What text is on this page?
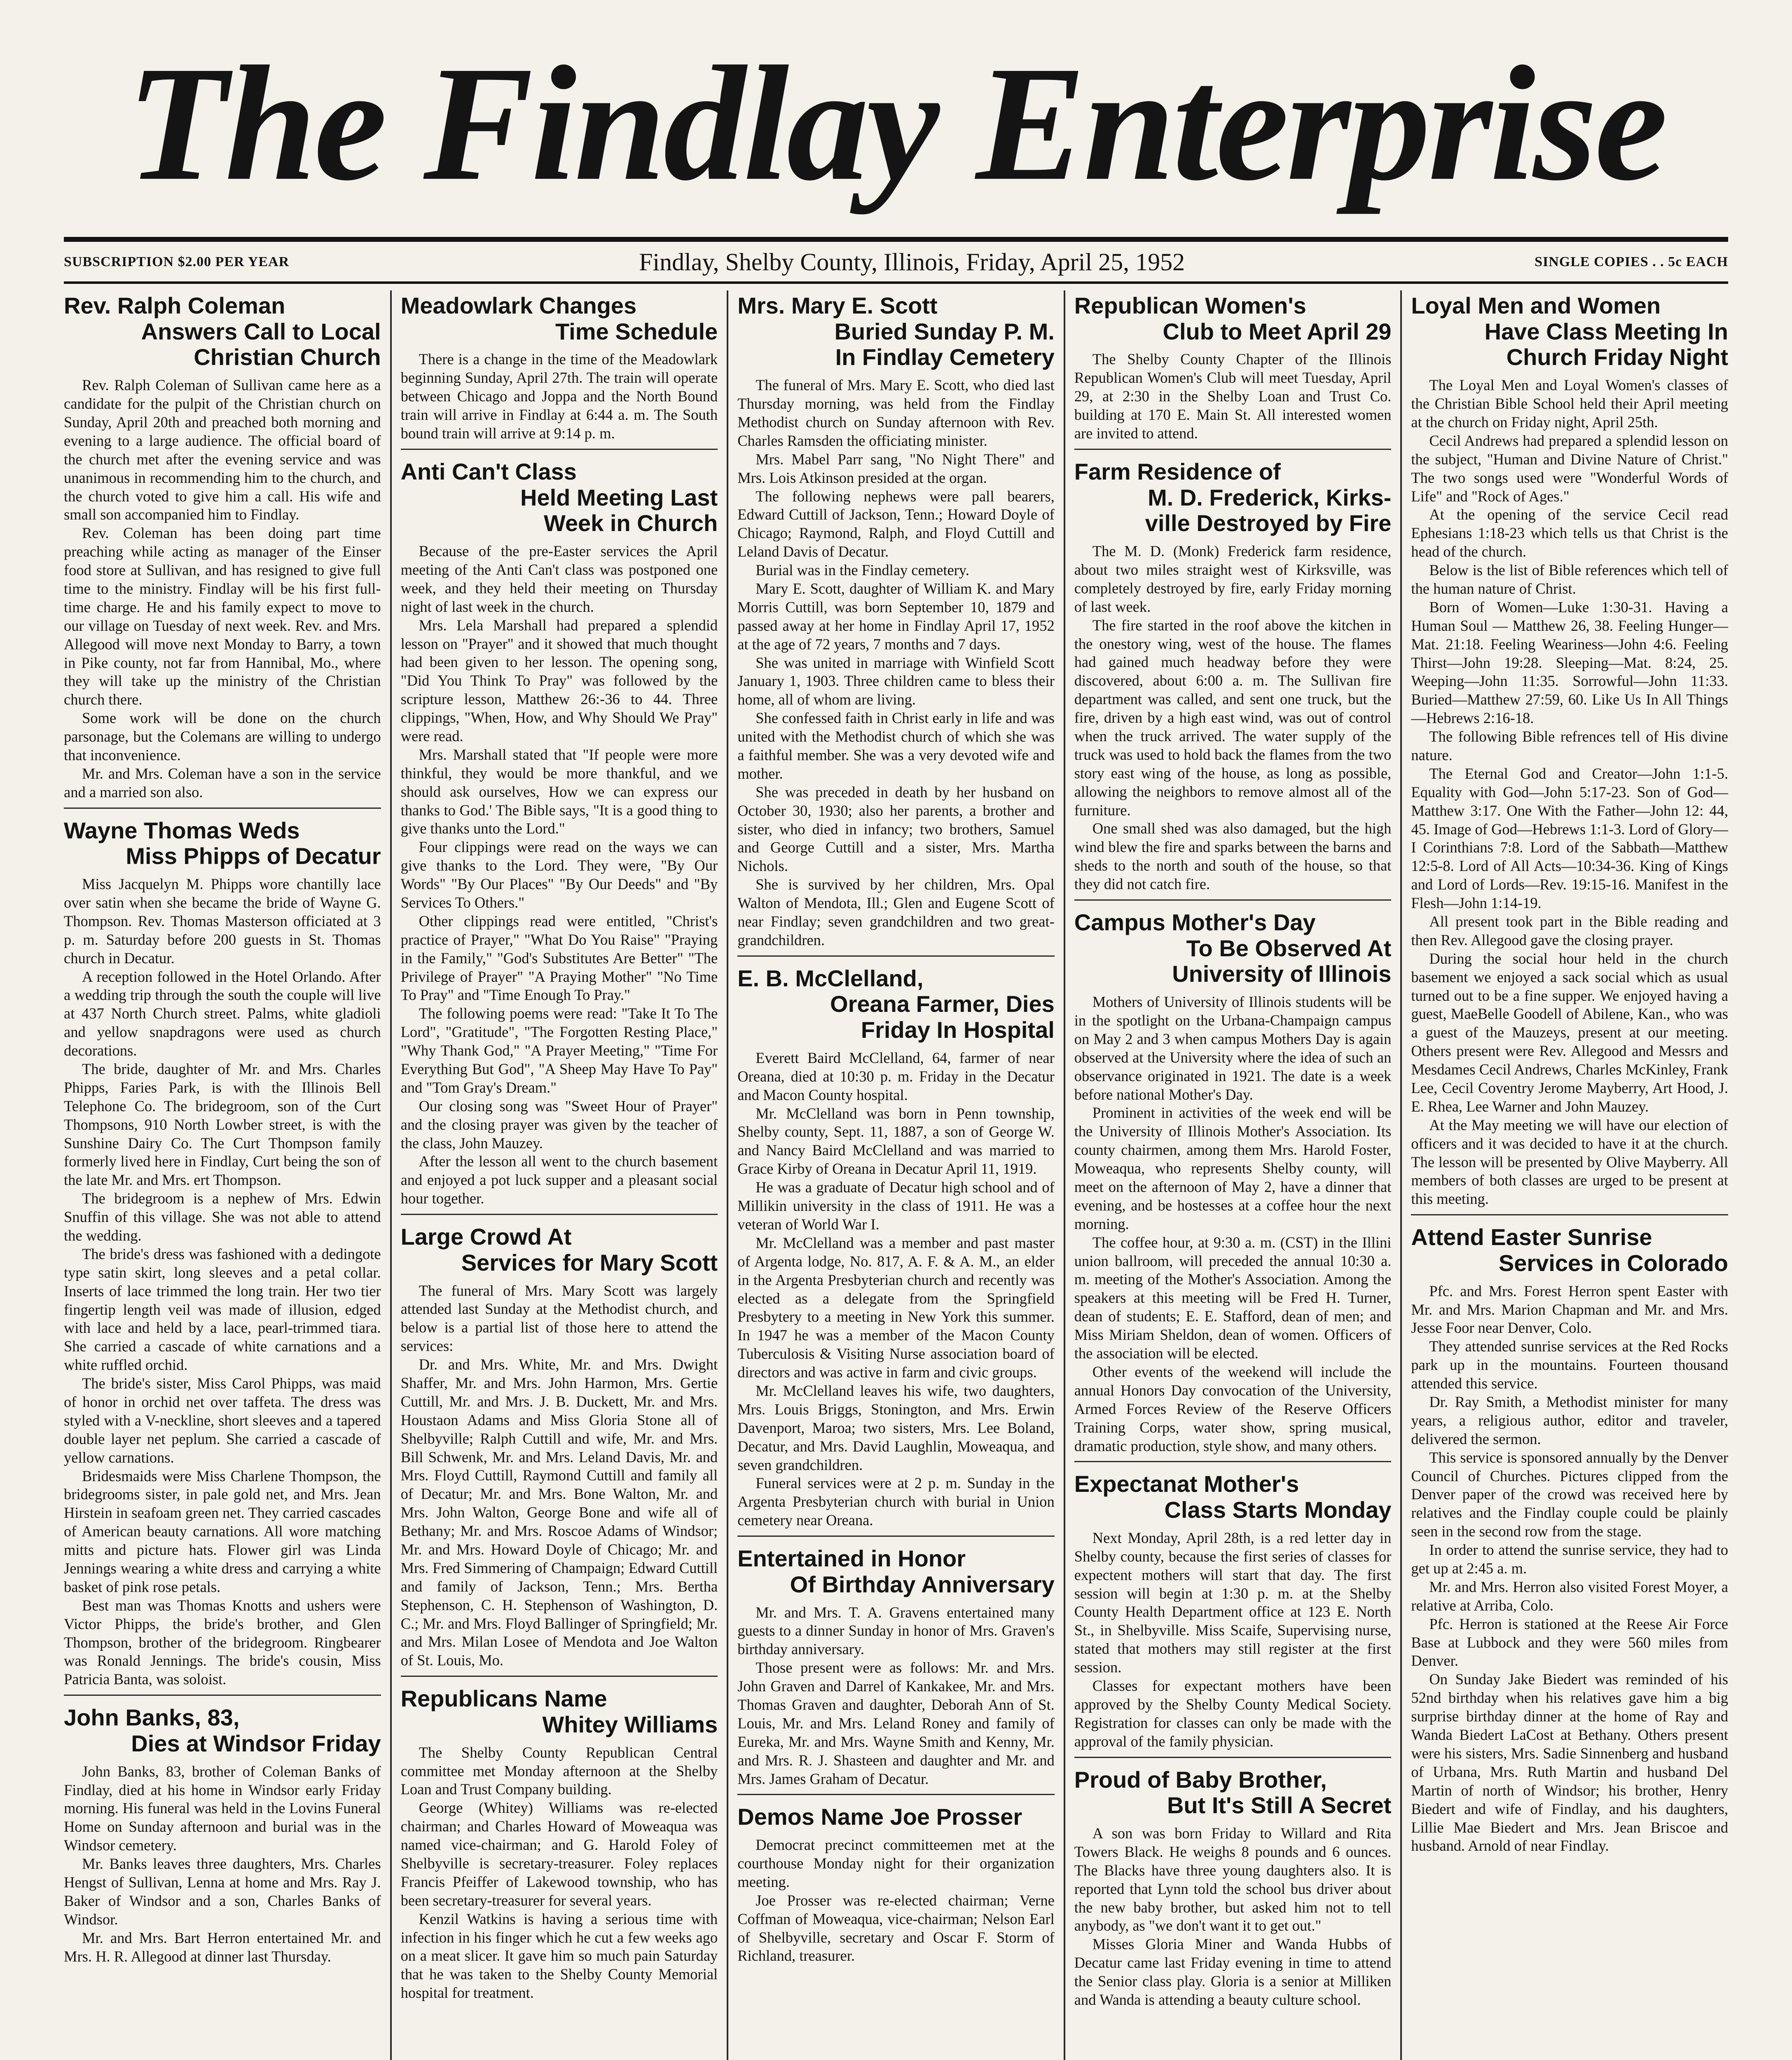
The Findlay Enterprise
SUBSCRIPTION $2.00 PER YEAR	Findlay, Shelby County, Illinois, Friday, April 25, 1952	SINGLE COPIES . . 5c EACH
Rev. Ralph Coleman
Answers Call to Local
Christian Church

Rev. Ralph Coleman of Sullivan came here as a candidate for the pulpit of the Christian church on Sunday, April 20th and preached both morning and evening to a large audience. The official board of the church met after the evening service and was unanimous in recommending him to the church, and the church voted to give him a call. His wife and small son accompanied him to Findlay.

Rev. Coleman has been doing part time preaching while acting as manager of the Einser food store at Sullivan, and has resigned to give full time to the ministry. Findlay will be his first full-time charge. He and his family expect to move to our village on Tuesday of next week. Rev. and Mrs. Allegood will move next Monday to Barry, a town in Pike county, not far from Hannibal, Mo., where they will take up the ministry of the Christian church there.

Some work will be done on the church parsonage, but the Colemans are willing to undergo that inconvenience.

Mr. and Mrs. Coleman have a son in the service and a married son also.

Wayne Thomas Weds
Miss Phipps of Decatur

Miss Jacquelyn M. Phipps wore chantilly lace over satin when she became the bride of Wayne G. Thompson. Rev. Thomas Masterson officiated at 3 p. m. Saturday before 200 guests in St. Thomas church in Decatur.

A reception followed in the Hotel Orlando. After a wedding trip through the south the couple will live at 437 North Church street. Palms, white gladioli and yellow snapdragons were used as church decorations.

The bride, daughter of Mr. and Mrs. Charles Phipps, Faries Park, is with the Illinois Bell Telephone Co. The bridegroom, son of the Curt Thompsons, 910 North Lowber street, is with the Sunshine Dairy Co. The Curt Thompson family formerly lived here in Findlay, Curt being the son of the late Mr. and Mrs. ert Thompson.

The bridegroom is a nephew of Mrs. Edwin Snuffin of this village. She was not able to attend the wedding.

The bride's dress was fashioned with a dedingote type satin skirt, long sleeves and a petal collar. Inserts of lace trimmed the long train. Her two tier fingertip length veil was made of illusion, edged with lace and held by a lace, pearl-trimmed tiara. She carried a cascade of white carnations and a white ruffled orchid.

The bride's sister, Miss Carol Phipps, was maid of honor in orchid net over taffeta. The dress was styled with a V-neckline, short sleeves and a tapered double layer net peplum. She carried a cascade of yellow carnations.

Bridesmaids were Miss Charlene Thompson, the bridegrooms sister, in pale gold net, and Mrs. Jean Hirstein in seafoam green net. They carried cascades of American beauty carnations. All wore matching mitts and picture hats. Flower girl was Linda Jennings wearing a white dress and carrying a white basket of pink rose petals.

Best man was Thomas Knotts and ushers were Victor Phipps, the bride's brother, and Glen Thompson, brother of the bridegroom. Ringbearer was Ronald Jennings. The bride's cousin, Miss Patricia Banta, was soloist.

John Banks, 83,
Dies at Windsor Friday

John Banks, 83, brother of Coleman Banks of Findlay, died at his home in Windsor early Friday morning. His funeral was held in the Lovins Funeral Home on Sunday afternoon and burial was in the Windsor cemetery.

Mr. Banks leaves three daughters, Mrs. Charles Hengst of Sullivan, Lenna at home and Mrs. Ray J. Baker of Windsor and a son, Charles Banks of Windsor.

Mr. and Mrs. Bart Herron entertained Mr. and Mrs. H. R. Allegood at dinner last Thursday.

Meadowlark Changes
Time Schedule

There is a change in the time of the Meadowlark beginning Sunday, April 27th. The train will operate between Chicago and Joppa and the North Bound train will arrive in Findlay at 6:44 a. m. The South bound train will arrive at 9:14 p. m.

Anti Can't Class
Held Meeting Last
Week in Church

Because of the pre-Easter services the April meeting of the Anti Can't class was postponed one week, and they held their meeting on Thursday night of last week in the church.

Mrs. Lela Marshall had prepared a splendid lesson on "Prayer" and it showed that much thought had been given to her lesson. The opening song, "Did You Think To Pray" was followed by the scripture lesson, Matthew 26:-36 to 44. Three clippings, "When, How, and Why Should We Pray" were read.

Mrs. Marshall stated that "If people were more thinkful, they would be more thankful, and we should ask ourselves, How we can express our thanks to God.' The Bible says, "It is a good thing to give thanks unto the Lord."

Four clippings were read on the ways we can give thanks to the Lord. They were, "By Our Words" "By Our Places" "By Our Deeds" and "By Services To Others."

Other clippings read were entitled, "Christ's practice of Prayer," "What Do You Raise" "Praying in the Family," "God's Substitutes Are Better" "The Privilege of Prayer" "A Praying Mother" "No Time To Pray" and "Time Enough To Pray."

The following poems were read: "Take It To The Lord", "Gratitude", "The Forgotten Resting Place," "Why Thank God," "A Prayer Meeting," "Time For Everything But God", "A Sheep May Have To Pay" and "Tom Gray's Dream."

Our closing song was "Sweet Hour of Prayer" and the closing prayer was given by the teacher of the class, John Mauzey.

After the lesson all went to the church basement and enjoyed a pot luck supper and a pleasant social hour together.

Large Crowd At
Services for Mary Scott

The funeral of Mrs. Mary Scott was largely attended last Sunday at the Methodist church, and below is a partial list of those here to attend the services:

Dr. and Mrs. White, Mr. and Mrs. Dwight Shaffer, Mr. and Mrs. John Harmon, Mrs. Gertie Cuttill, Mr. and Mrs. J. B. Duckett, Mr. and Mrs. Houstaon Adams and Miss Gloria Stone all of Shelbyville; Ralph Cuttill and wife, Mr. and Mrs. Bill Schwenk, Mr. and Mrs. Leland Davis, Mr. and Mrs. Floyd Cuttill, Raymond Cuttill and family all of Decatur; Mr. and Mrs. Bone Walton, Mr. and Mrs. John Walton, George Bone and wife all of Bethany; Mr. and Mrs. Roscoe Adams of Windsor; Mr. and Mrs. Howard Doyle of Chicago; Mr. and Mrs. Fred Simmering of Champaign; Edward Cuttill and family of Jackson, Tenn.; Mrs. Bertha Stephenson, C. H. Stephenson of Washington, D. C.; Mr. and Mrs. Floyd Ballinger of Springfield; Mr. and Mrs. Milan Losee of Mendota and Joe Walton of St. Louis, Mo.

Republicans Name
Whitey Williams

The Shelby County Republican Central committee met Monday afternoon at the Shelby Loan and Trust Company building.

George (Whitey) Williams was re-elected chairman; and Charles Howard of Moweaqua was named vice-chairman; and G. Harold Foley of Shelbyville is secretary-treasurer. Foley replaces Francis Pfeiffer of Lakewood township, who has been secretary-treasurer for several years.

Kenzil Watkins is having a serious time with infection in his finger which he cut a few weeks ago on a meat slicer. It gave him so much pain Saturday that he was taken to the Shelby County Memorial hospital for treatment.

Mrs. Mary E. Scott
Buried Sunday P. M.
In Findlay Cemetery

The funeral of Mrs. Mary E. Scott, who died last Thursday morning, was held from the Findlay Methodist church on Sunday afternoon with Rev. Charles Ramsden the officiating minister.

Mrs. Mabel Parr sang, "No Night There" and Mrs. Lois Atkinson presided at the organ.

The following nephews were pall bearers, Edward Cuttill of Jackson, Tenn.; Howard Doyle of Chicago; Raymond, Ralph, and Floyd Cuttill and Leland Davis of Decatur.

Burial was in the Findlay cemetery.

Mary E. Scott, daughter of William K. and Mary Morris Cuttill, was born September 10, 1879 and passed away at her home in Findlay April 17, 1952 at the age of 72 years, 7 months and 7 days.

She was united in marriage with Winfield Scott January 1, 1903. Three children came to bless their home, all of whom are living.

She confessed faith in Christ early in life and was united with the Methodist church of which she was a faithful member. She was a very devoted wife and mother.

She was preceded in death by her husband on October 30, 1930; also her parents, a brother and sister, who died in infancy; two brothers, Samuel and George Cuttill and a sister, Mrs. Martha Nichols.

She is survived by her children, Mrs. Opal Walton of Mendota, Ill.; Glen and Eugene Scott of near Findlay; seven grandchildren and two great-grandchildren.

E. B. McClelland,
Oreana Farmer, Dies
Friday In Hospital

Everett Baird McClelland, 64, farmer of near Oreana, died at 10:30 p. m. Friday in the Decatur and Macon County hospital.

Mr. McClelland was born in Penn township, Shelby county, Sept. 11, 1887, a son of George W. and Nancy Baird McClelland and was married to Grace Kirby of Oreana in Decatur April 11, 1919.

He was a graduate of Decatur high school and of Millikin university in the class of 1911. He was a veteran of World War I.

Mr. McClelland was a member and past master of Argenta lodge, No. 817, A. F. & A. M., an elder in the Argenta Presbyterian church and recently was elected as a delegate from the Springfield Presbytery to a meeting in New York this summer. In 1947 he was a member of the Macon County Tuberculosis & Visiting Nurse association board of directors and was active in farm and civic groups.

Mr. McClelland leaves his wife, two daughters, Mrs. Louis Briggs, Stonington, and Mrs. Erwin Davenport, Maroa; two sisters, Mrs. Lee Boland, Decatur, and Mrs. David Laughlin, Moweaqua, and seven grandchildren.

Funeral services were at 2 p. m. Sunday in the Argenta Presbyterian church with burial in Union cemetery near Oreana.

Entertained in Honor
Of Birthday Anniversary

Mr. and Mrs. T. A. Gravens entertained many guests to a dinner Sunday in honor of Mrs. Graven's birthday anniversary.

Those present were as follows: Mr. and Mrs. John Graven and Darrel of Kankakee, Mr. and Mrs. Thomas Graven and daughter, Deborah Ann of St. Louis, Mr. and Mrs. Leland Roney and family of Eureka, Mr. and Mrs. Wayne Smith and Kenny, Mr. and Mrs. R. J. Shasteen and daughter and Mr. and Mrs. James Graham of Decatur.

Demos Name Joe Prosser

Democrat precinct committeemen met at the courthouse Monday night for their organization meeting.

Joe Prosser was re-elected chairman; Verne Coffman of Moweaqua, vice-chairman; Nelson Earl of Shelbyville, secretary and Oscar F. Storm of Richland, treasurer.

Republican Women's
Club to Meet April 29

The Shelby County Chapter of the Illinois Republican Women's Club will meet Tuesday, April 29, at 2:30 in the Shelby Loan and Trust Co. building at 170 E. Main St. All interested women are invited to attend.

Farm Residence of
M. D. Frederick, Kirks-
ville Destroyed by Fire

The M. D. (Monk) Frederick farm residence, about two miles straight west of Kirksville, was completely destroyed by fire, early Friday morning of last week.

The fire started in the roof above the kitchen in the onestory wing, west of the house. The flames had gained much headway before they were discovered, about 6:00 a. m. The Sullivan fire department was called, and sent one truck, but the fire, driven by a high east wind, was out of control when the truck arrived. The water supply of the truck was used to hold back the flames from the two story east wing of the house, as long as possible, allowing the neighbors to remove almost all of the furniture.

One small shed was also damaged, but the high wind blew the fire and sparks between the barns and sheds to the north and south of the house, so that they did not catch fire.

Campus Mother's Day
To Be Observed At
University of Illinois

Mothers of University of Illinois students will be in the spotlight on the Urbana-Champaign campus on May 2 and 3 when campus Mothers Day is again observed at the University where the idea of such an observance originated in 1921. The date is a week before national Mother's Day.

Prominent in activities of the week end will be the University of Illinois Mother's Association. Its county chairmen, among them Mrs. Harold Foster, Moweaqua, who represents Shelby county, will meet on the afternoon of May 2, have a dinner that evening, and be hostesses at a coffee hour the next morning.

The coffee hour, at 9:30 a. m. (CST) in the Illini union ballroom, will preceded the annual 10:30 a. m. meeting of the Mother's Association. Among the speakers at this meeting will be Fred H. Turner, dean of students; E. E. Stafford, dean of men; and Miss Miriam Sheldon, dean of women. Officers of the association will be elected.

Other events of the weekend will include the annual Honors Day convocation of the University, Armed Forces Review of the Reserve Officers Training Corps, water show, spring musical, dramatic production, style show, and many others.

Expectanat Mother's
Class Starts Monday

Next Monday, April 28th, is a red letter day in Shelby county, because the first series of classes for expectent mothers will start that day. The first session will begin at 1:30 p. m. at the Shelby County Health Department office at 123 E. North St., in Shelbyville. Miss Scaife, Supervising nurse, stated that mothers may still register at the first session.

Classes for expectant mothers have been approved by the Shelby County Medical Society. Registration for classes can only be made with the approval of the family physician.

Proud of Baby Brother,
But It's Still A Secret

A son was born Friday to Willard and Rita Towers Black. He weighs 8 pounds and 6 ounces. The Blacks have three young daughters also. It is reported that Lynn told the school bus driver about the new baby brother, but asked him not to tell anybody, as "we don't want it to get out."

Misses Gloria Miner and Wanda Hubbs of Decatur came last Friday evening in time to attend the Senior class play. Gloria is a senior at Milliken and Wanda is attending a beauty culture school.

Loyal Men and Women
Have Class Meeting In
Church Friday Night

The Loyal Men and Loyal Women's classes of the Christian Bible School held their April meeting at the church on Friday night, April 25th.

Cecil Andrews had prepared a splendid lesson on the subject, "Human and Divine Nature of Christ." The two songs used were "Wonderful Words of Life" and "Rock of Ages."

At the opening of the service Cecil read Ephesians 1:18-23 which tells us that Christ is the head of the church.

Below is the list of Bible references which tell of the human nature of Christ.

Born of Women—Luke 1:30-31. Having a Human Soul — Matthew 26, 38. Feeling Hunger—Mat. 21:18. Feeling Weariness—John 4:6. Feeling Thirst—John 19:28. Sleeping—Mat. 8:24, 25. Weeping—John 11:35. Sorrowful—John 11:33. Buried—Matthew 27:59, 60. Like Us In All Things—Hebrews 2:16-18.

The following Bible refrences tell of His divine nature.

The Eternal God and Creator—John 1:1-5. Equality with God—John 5:17-23. Son of God—Matthew 3:17. One With the Father—John 12: 44, 45. Image of God—Hebrews 1:1-3. Lord of Glory—I Corinthians 7:8. Lord of the Sabbath—Matthew 12:5-8. Lord of All Acts—10:34-36. King of Kings and Lord of Lords—Rev. 19:15-16. Manifest in the Flesh—John 1:14-19.

All present took part in the Bible reading and then Rev. Allegood gave the closing prayer.

During the social hour held in the church basement we enjoyed a sack social which as usual turned out to be a fine supper. We enjoyed having a guest, MaeBelle Goodell of Abilene, Kan., who was a guest of the Mauzeys, present at our meeting. Others present were Rev. Allegood and Messrs and Mesdames Cecil Andrews, Charles McKinley, Frank Lee, Cecil Coventry Jerome Mayberry, Art Hood, J. E. Rhea, Lee Warner and John Mauzey.

At the May meeting we will have our election of officers and it was decided to have it at the church. The lesson will be presented by Olive Mayberry. All members of both classes are urged to be present at this meeting.

Attend Easter Sunrise
Services in Colorado

Pfc. and Mrs. Forest Herron spent Easter with Mr. and Mrs. Marion Chapman and Mr. and Mrs. Jesse Foor near Denver, Colo.

They attended sunrise services at the Red Rocks park up in the mountains. Fourteen thousand attended this service.

Dr. Ray Smith, a Methodist minister for many years, a religious author, editor and traveler, delivered the sermon.

This service is sponsored annually by the Denver Council of Churches. Pictures clipped from the Denver paper of the crowd was received here by relatives and the Findlay couple could be plainly seen in the second row from the stage.

In order to attend the sunrise service, they had to get up at 2:45 a. m.

Mr. and Mrs. Herron also visited Forest Moyer, a relative at Arriba, Colo.

Pfc. Herron is stationed at the Reese Air Force Base at Lubbock and they were 560 miles from Denver.

On Sunday Jake Biedert was reminded of his 52nd birthday when his relatives gave him a big surprise birthday dinner at the home of Ray and Wanda Biedert LaCost at Bethany. Others present were his sisters, Mrs. Sadie Sinnenberg and husband of Urbana, Mrs. Ruth Martin and husband Del Martin of north of Windsor; his brother, Henry Biedert and wife of Findlay, and his daughters, Lillie Mae Biedert and Mrs. Jean Briscoe and husband. Arnold of near Findlay.
